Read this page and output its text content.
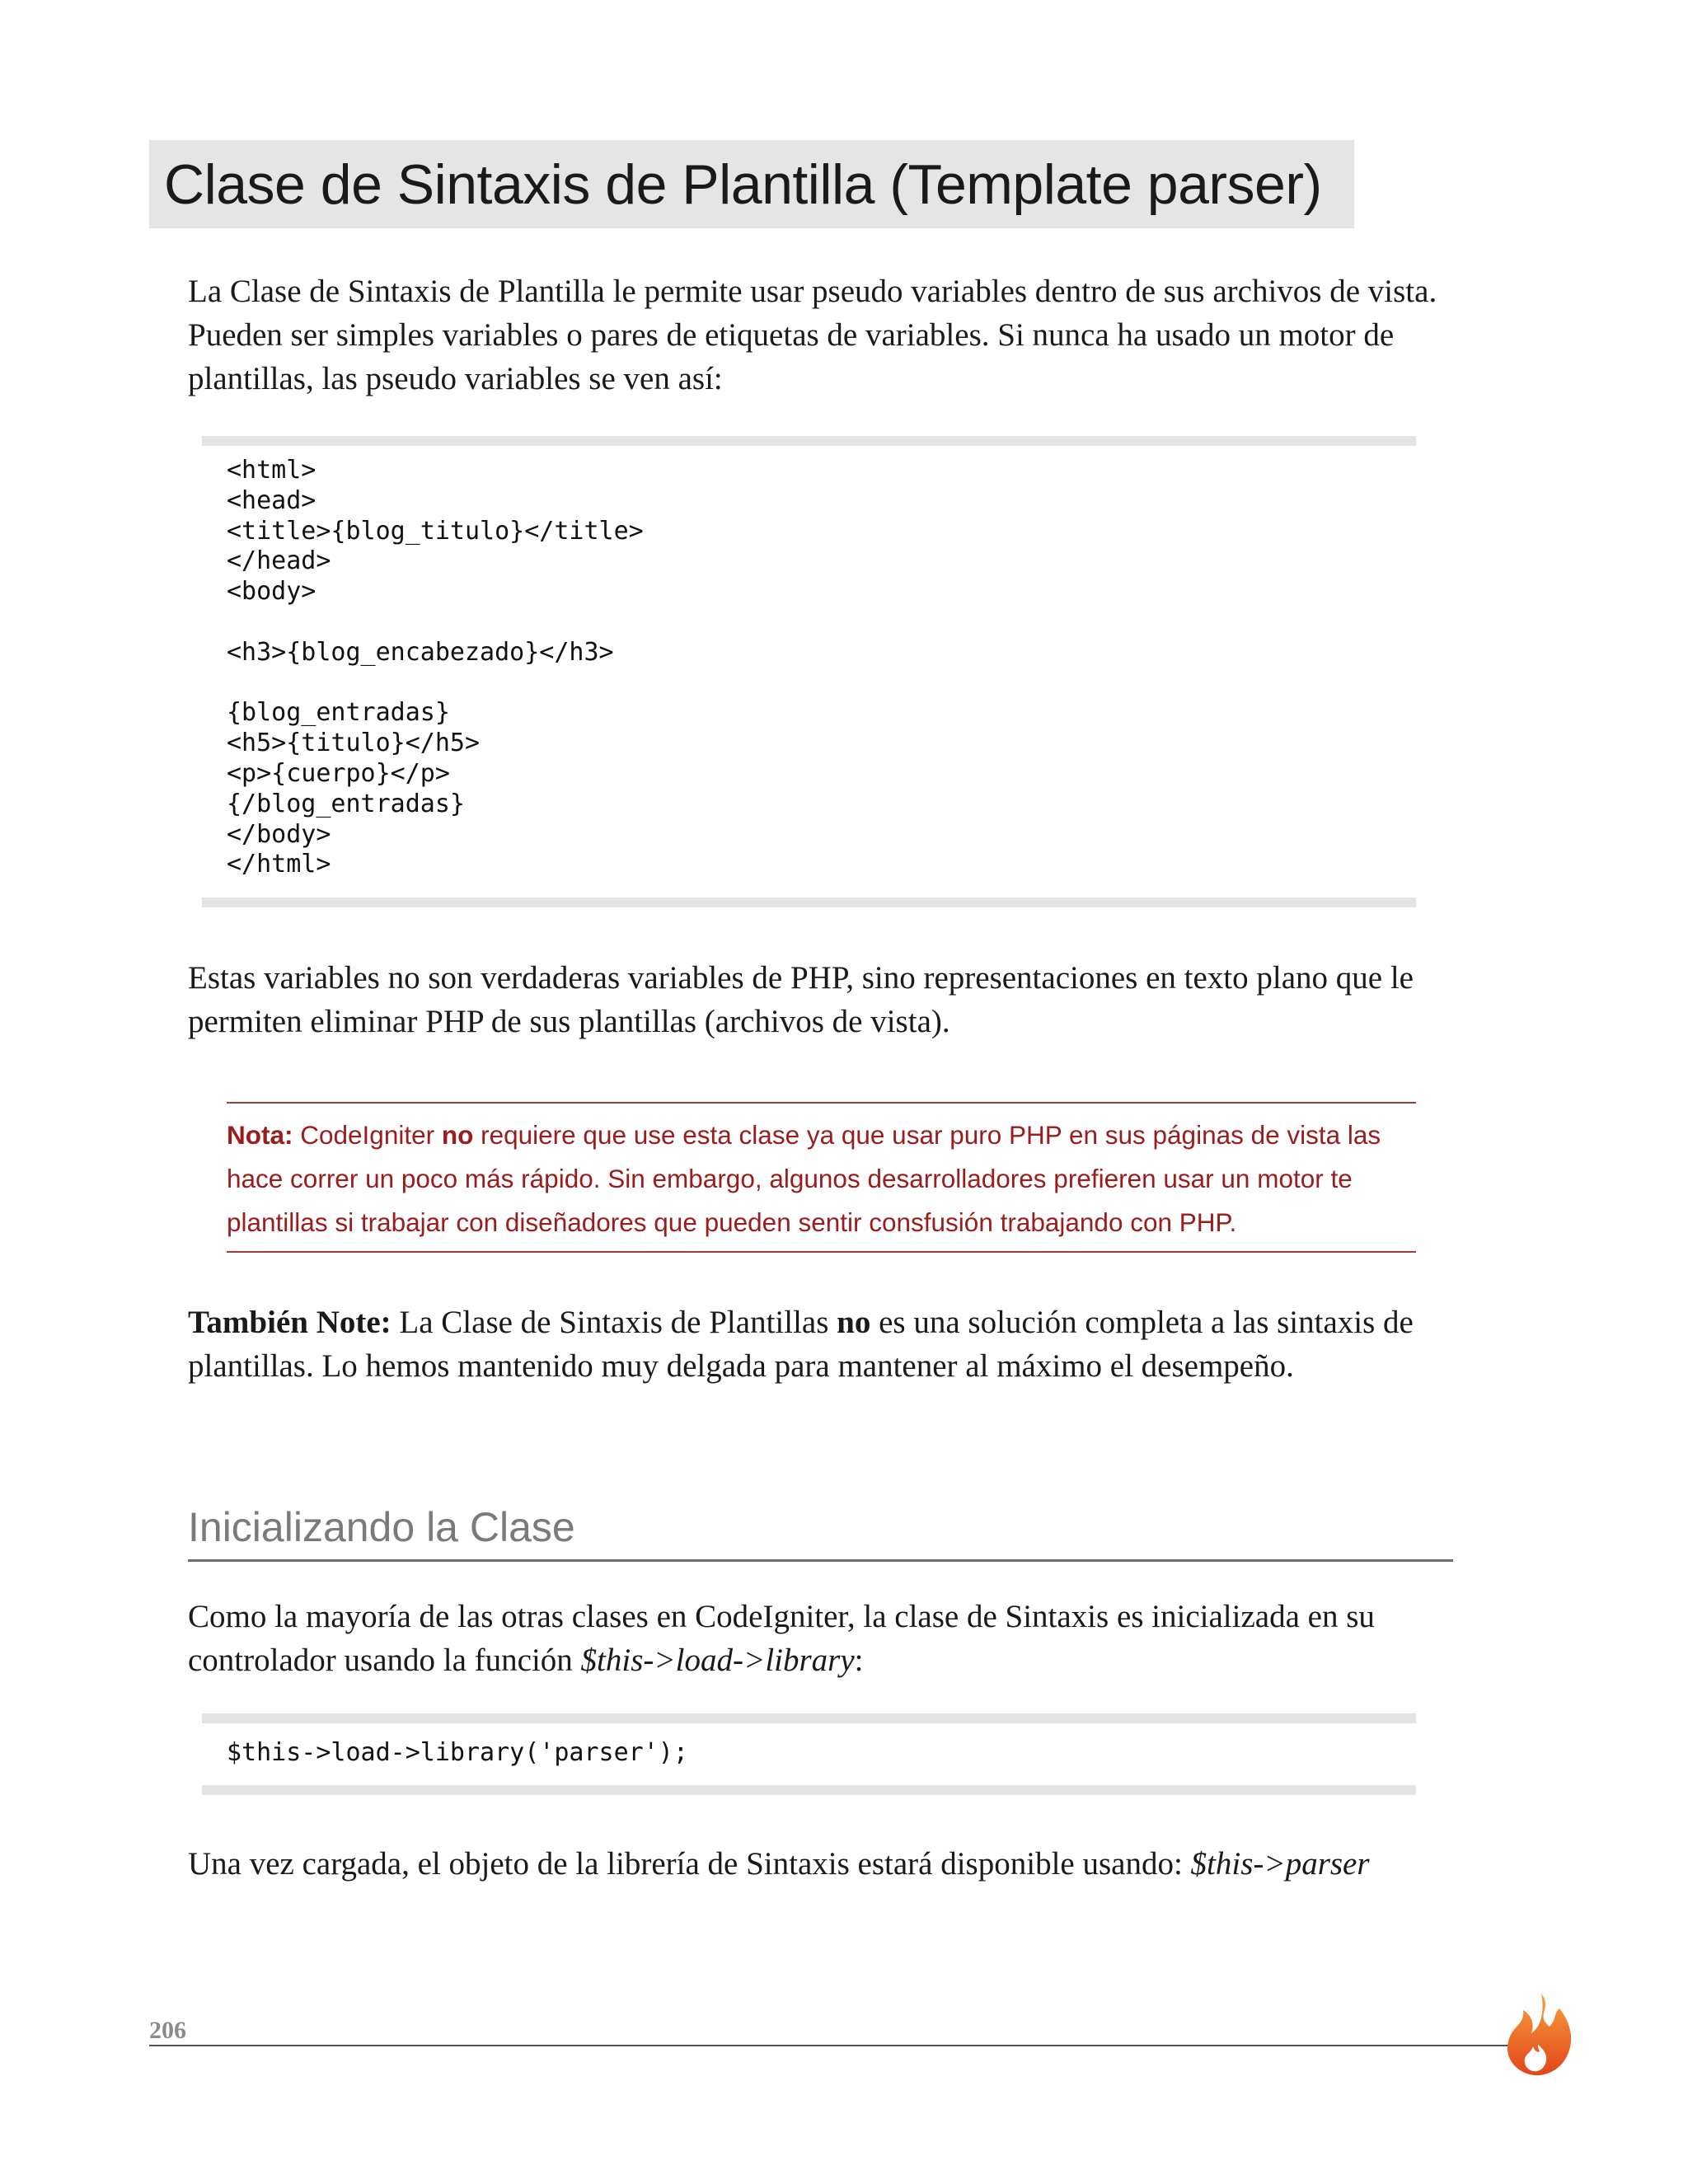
Clase de Sintaxis de Plantilla (Template parser)

La Clase de Sintaxis de Plantilla le permite usar pseudo variables dentro de sus archivos de vista. Pueden ser simples variables o pares de etiquetas de variables. Si nunca ha usado un motor de plantillas, las pseudo variables se ven así:

<html>
<head>
<title>{blog_titulo}</title>
</head>
<body>

<h3>{blog_encabezado}</h3>

{blog_entradas}
<h5>{titulo}</h5>
<p>{cuerpo}</p>
{/blog_entradas}
</body>
</html>

Estas variables no son verdaderas variables de PHP, sino representaciones en texto plano que le permiten eliminar PHP de sus plantillas (archivos de vista).

Nota: CodeIgniter no requiere que use esta clase ya que usar puro PHP en sus páginas de vista las hace correr un poco más rápido. Sin embargo, algunos desarrolladores prefieren usar un motor te plantillas si trabajar con diseñadores que pueden sentir consfusión trabajando con PHP.

También Note: La Clase de Sintaxis de Plantillas no es una solución completa a las sintaxis de plantillas. Lo hemos mantenido muy delgada para mantener al máximo el desempeño.

Inicializando la Clase

Como la mayoría de las otras clases en CodeIgniter, la clase de Sintaxis es inicializada en su controlador usando la función $this->load->library:

$this->load->library('parser');

Una vez cargada, el objeto de la librería de Sintaxis estará disponible usando: $this->parser

206
